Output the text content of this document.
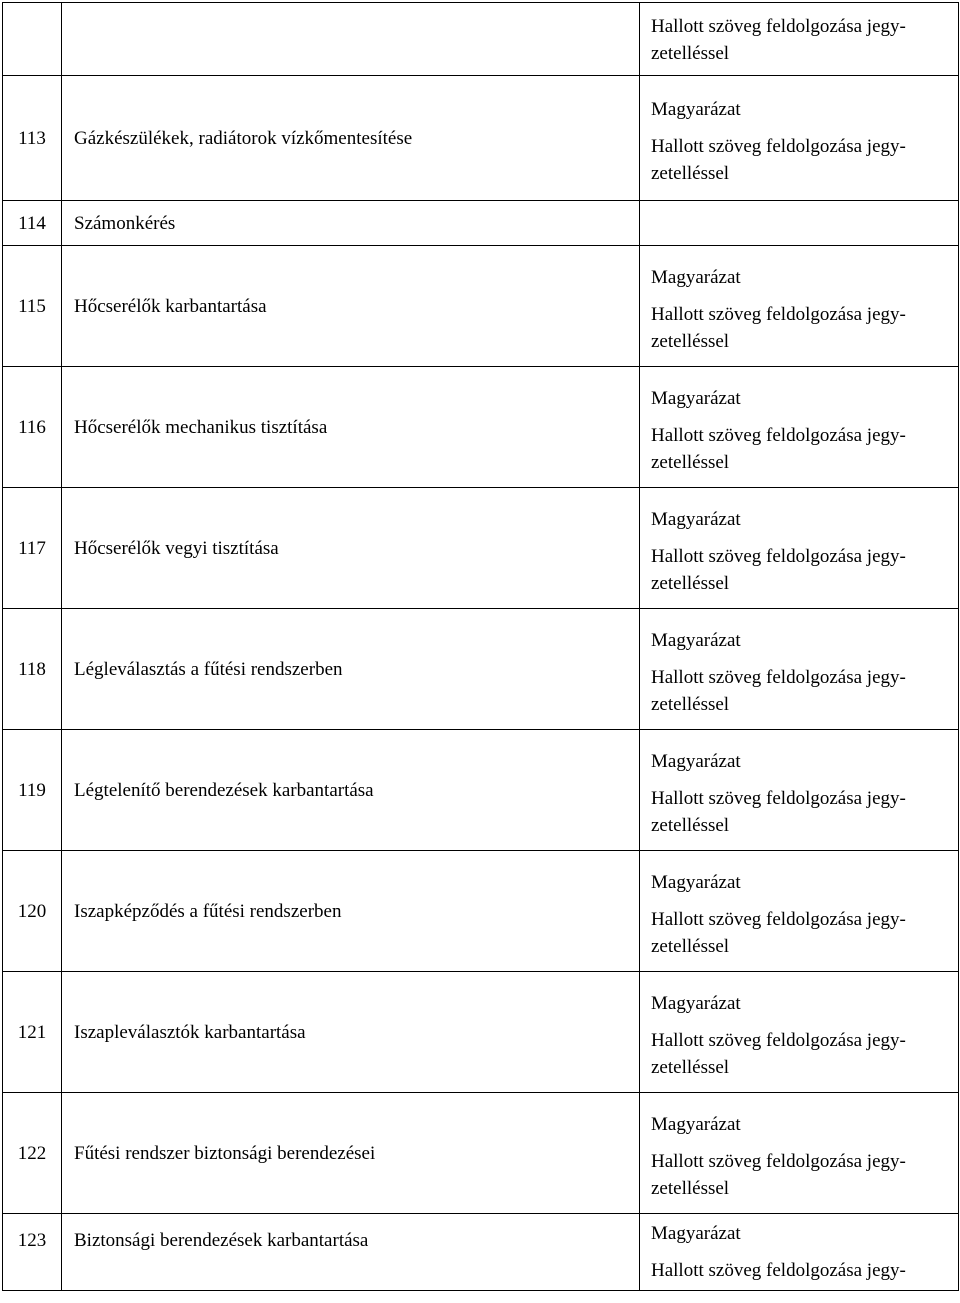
		Hallott szöveg feldolgozása jegy-
zetelléssel

113	Gázkészülékek, radiátorok vízkőmentesítése	Magyarázat
Hallott szöveg feldolgozása jegy-
zetelléssel

114	Számonkérés	
115	Hőcserélők karbantartása	Magyarázat
Hallott szöveg feldolgozása jegy-
zetelléssel

116	Hőcserélők mechanikus tisztítása	Magyarázat
Hallott szöveg feldolgozása jegy-
zetelléssel

117	Hőcserélők vegyi tisztítása	Magyarázat
Hallott szöveg feldolgozása jegy-
zetelléssel

118	Légleválasztás a fűtési rendszerben	Magyarázat
Hallott szöveg feldolgozása jegy-
zetelléssel

119	Légtelenítő berendezések karbantartása	Magyarázat
Hallott szöveg feldolgozása jegy-
zetelléssel

120	Iszapképződés a fűtési rendszerben	Magyarázat
Hallott szöveg feldolgozása jegy-
zetelléssel

121	Iszapleválasztók karbantartása	Magyarázat
Hallott szöveg feldolgozása jegy-
zetelléssel

122	Fűtési rendszer biztonsági berendezései	Magyarázat
Hallott szöveg feldolgozása jegy-
zetelléssel

123	Biztonsági berendezések karbantartása	Magyarázat
Hallott szöveg feldolgozása jegy-
